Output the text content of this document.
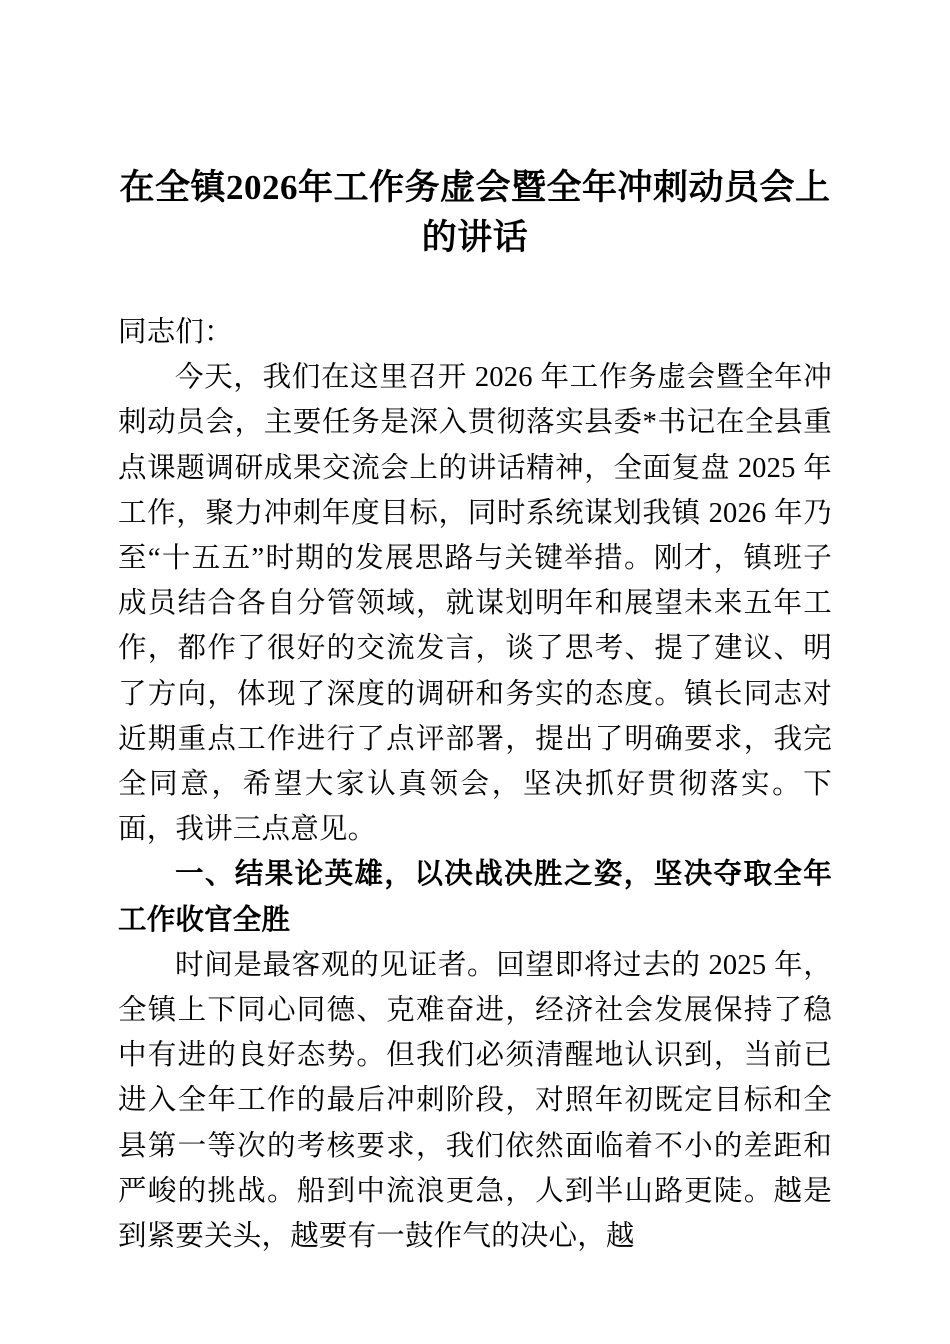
在全镇2026年工作务虚会暨全年冲刺动员会上的讲话

同志们：

今天，我们在这里召开 2026 年工作务虚会暨全年冲刺动员会，主要任务是深入贯彻落实县委*书记在全县重点课题调研成果交流会上的讲话精神，全面复盘 2025 年工作，聚力冲刺年度目标，同时系统谋划我镇 2026 年乃至“十五五”时期的发展思路与关键举措。刚才，镇班子成员结合各自分管领域，就谋划明年和展望未来五年工作，都作了很好的交流发言，谈了思考、提了建议、明了方向，体现了深度的调研和务实的态度。镇长同志对近期重点工作进行了点评部署，提出了明确要求，我完全同意，希望大家认真领会，坚决抓好贯彻落实。下面，我讲三点意见。

一、结果论英雄，以决战决胜之姿，坚决夺取全年工作收官全胜

时间是最客观的见证者。回望即将过去的 2025 年，全镇上下同心同德、克难奋进，经济社会发展保持了稳中有进的良好态势。但我们必须清醒地认识到，当前已进入全年工作的最后冲刺阶段，对照年初既定目标和全县第一等次的考核要求，我们依然面临着不小的差距和严峻的挑战。船到中流浪更急，人到半山路更陡。越是到紧要关头，越要有一鼓作气的决心，越
